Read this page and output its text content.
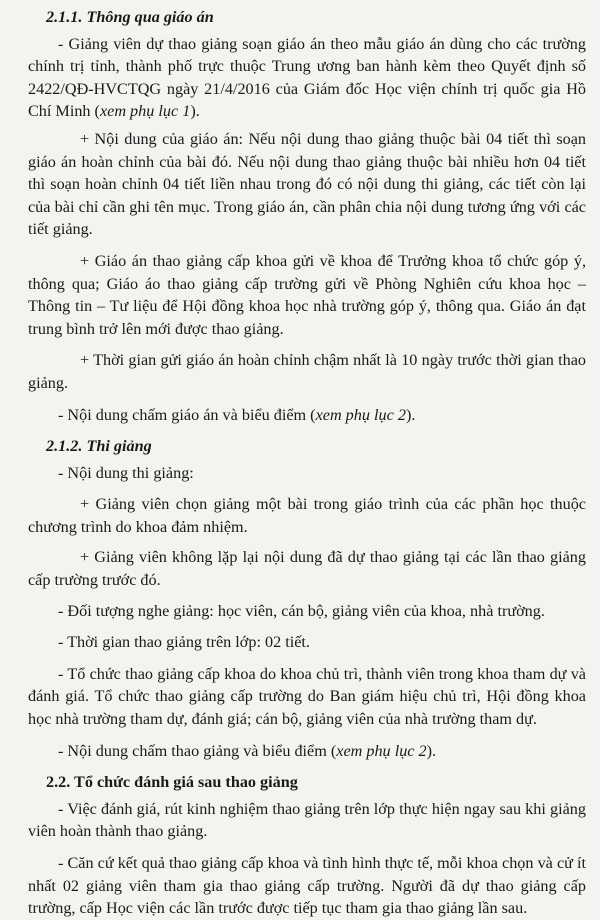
2.1.1. Thông qua giáo án

- Giảng viên dự thao giảng soạn giáo án theo mẫu giáo án dùng cho các trường chính trị tỉnh, thành phố trực thuộc Trung ương ban hành kèm theo Quyết định số 2422/QĐ-HVCTQG ngày 21/4/2016 của Giám đốc Học viện chính trị quốc gia Hồ Chí Minh (xem phụ lục 1).

+ Nội dung của giáo án: Nếu nội dung thao giảng thuộc bài 04 tiết thì soạn giáo án hoàn chỉnh của bài đó. Nếu nội dung thao giảng thuộc bài nhiều hơn 04 tiết thì soạn hoàn chỉnh 04 tiết liền nhau trong đó có nội dung thi giảng, các tiết còn lại của bài chỉ cần ghi tên mục. Trong giáo án, cần phân chia nội dung tương ứng với các tiết giảng.

+ Giáo án thao giảng cấp khoa gửi về khoa để Trưởng khoa tổ chức góp ý, thông qua; Giáo áo thao giảng cấp trường gửi về Phòng Nghiên cứu khoa học – Thông tin – Tư liệu để Hội đồng khoa học nhà trường góp ý, thông qua. Giáo án đạt trung bình trở lên mới được thao giảng.

+ Thời gian gửi giáo án hoàn chỉnh chậm nhất là 10 ngày trước thời gian thao giảng.

- Nội dung chấm giáo án và biểu điểm (xem phụ lục 2).

2.1.2. Thi giảng

- Nội dung thi giảng:

+ Giảng viên chọn giảng một bài trong giáo trình của các phần học thuộc chương trình do khoa đảm nhiệm.

+ Giảng viên không lặp lại nội dung đã dự thao giảng tại các lần thao giảng cấp trường trước đó.

- Đối tượng nghe giảng: học viên, cán bộ, giảng viên của khoa, nhà trường.

- Thời gian thao giảng trên lớp: 02 tiết.

- Tổ chức thao giảng cấp khoa do khoa chủ trì, thành viên trong khoa tham dự và đánh giá. Tổ chức thao giảng cấp trường do Ban giám hiệu chủ trì, Hội đồng khoa học nhà trường tham dự, đánh giá; cán bộ, giảng viên của nhà trường tham dự.

- Nội dung chấm thao giảng và biểu điểm (xem phụ lục 2).

2.2. Tổ chức đánh giá sau thao giảng

- Việc đánh giá, rút kinh nghiệm thao giảng trên lớp thực hiện ngay sau khi giảng viên hoàn thành thao giảng.

- Căn cứ kết quả thao giảng cấp khoa và tình hình thực tế, mỗi khoa chọn và cử ít nhất 02 giảng viên tham gia thao giảng cấp trường. Người đã dự thao giảng cấp trường, cấp Học viện các lần trước được tiếp tục tham gia thao giảng lần sau.
